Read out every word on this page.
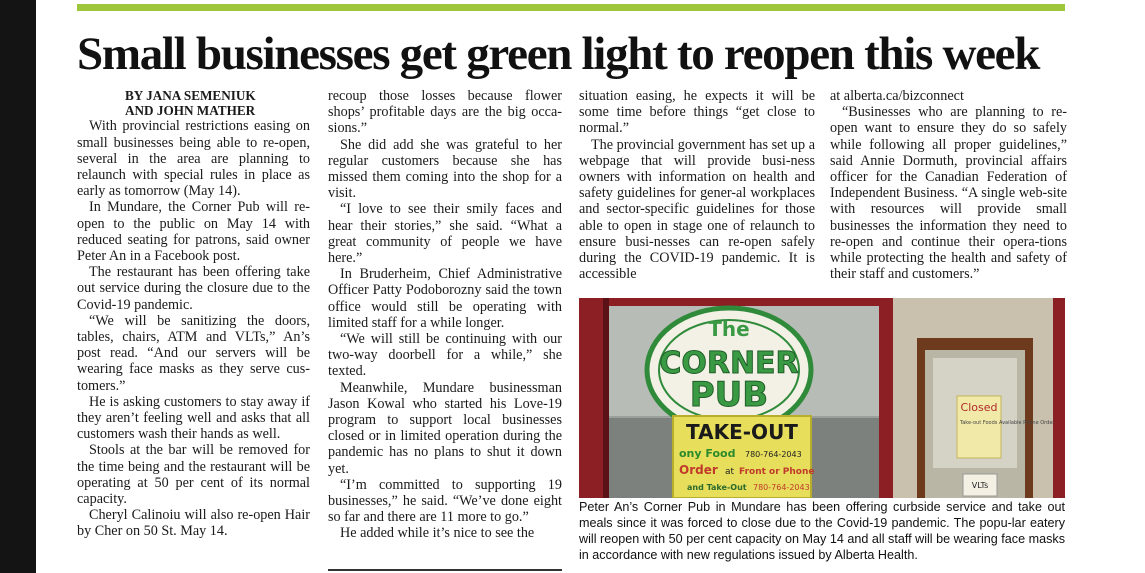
Small businesses get green light to reopen this week

BY JANA SEMENIUK
AND JOHN MATHER

With provincial restrictions easing on small businesses being able to re-open, several in the area are planning to relaunch with special rules in place as early as tomorrow (May 14).

In Mundare, the Corner Pub will re-open to the public on May 14 with reduced seating for patrons, said owner Peter An in a Facebook post.

The restaurant has been offering take out service during the closure due to the Covid-19 pandemic.

“We will be sanitizing the doors, tables, chairs, ATM and VLTs,” An’s post read. “And our servers will be wearing face masks as they serve cus-tomers.”

He is asking customers to stay away if they aren’t feeling well and asks that all customers wash their hands as well.

Stools at the bar will be removed for the time being and the restaurant will be operating at 50 per cent of its normal capacity.

Cheryl Calinoiu will also re-open Hair by Cher on 50 St. May 14.

recoup those losses because flower shops’ profitable days are the big occa-sions.”

She did add she was grateful to her regular customers because she has missed them coming into the shop for a visit.

“I love to see their smily faces and hear their stories,” she said. “What a great community of people we have here.”

In Bruderheim, Chief Administrative Officer Patty Podoborozny said the town office would still be operating with limited staff for a while longer.

“We will still be continuing with our two-way doorbell for a while,” she texted.

Meanwhile, Mundare businessman Jason Kowal who started his Love-19 program to support local businesses closed or in limited operation during the pandemic has no plans to shut it down yet.

“I’m committed to supporting 19 businesses,” he said. “We’ve done eight so far and there are 11 more to go.”

He added while it’s nice to see the

situation easing, he expects it will be some time before things “get close to normal.”

The provincial government has set up a webpage that will provide busi-ness owners with information on health and safety guidelines for gener-al workplaces and sector-specific guidelines for those able to open in stage one of relaunch to ensure busi-nesses can re-open safely during the COVID-19 pandemic. It is accessible

at alberta.ca/bizconnect

“Businesses who are planning to re-open want to ensure they do so safely while following all proper guidelines,” said Annie Dormuth, provincial affairs officer for the Canadian Federation of Independent Business. “A single web-site with resources will provide small businesses the information they need to re-open and continue their opera-tions while protecting the health and safety of their staff and customers.”

The
CORNER
PUB
TAKE-OUT
ony Food 780-764-2043
Order at Front or Phone
and Take-Out 780-764-2043
Closed
Take-out Foods Available Phone Order
VLTs

Peter An’s Corner Pub in Mundare has been offering curbside service and take out meals since it was forced to close due to the Covid-19 pandemic. The popu-lar eatery will reopen with 50 per cent capacity on May 14 and all staff will be wearing face masks in accordance with new regulations issued by Alberta Health.
